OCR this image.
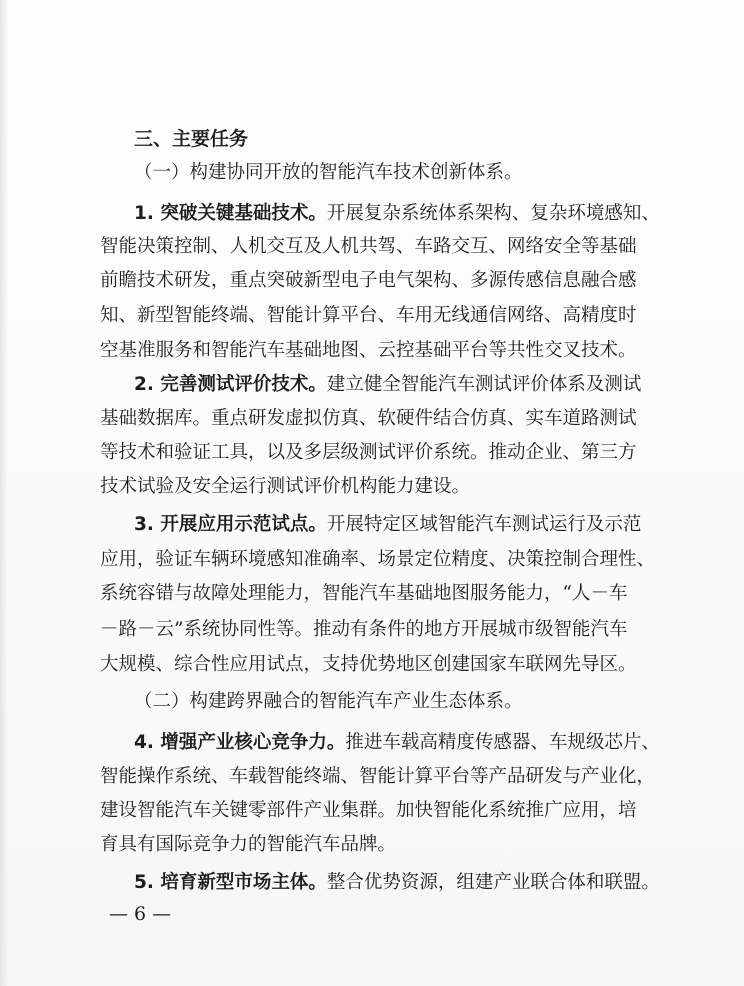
三、主要任务
（一）构建协同开放的智能汽车技术创新体系。
1. 突破关键基础技术。开展复杂系统体系架构、复杂环境感知、
智能决策控制、人机交互及人机共驾、车路交互、网络安全等基础
前瞻技术研发，重点突破新型电子电气架构、多源传感信息融合感
知、新型智能终端、智能计算平台、车用无线通信网络、高精度时
空基准服务和智能汽车基础地图、云控基础平台等共性交叉技术。
2. 完善测试评价技术。建立健全智能汽车测试评价体系及测试
基础数据库。重点研发虚拟仿真、软硬件结合仿真、实车道路测试
等技术和验证工具，以及多层级测试评价系统。推动企业、第三方
技术试验及安全运行测试评价机构能力建设。
3. 开展应用示范试点。开展特定区域智能汽车测试运行及示范
应用，验证车辆环境感知准确率、场景定位精度、决策控制合理性、
系统容错与故障处理能力，智能汽车基础地图服务能力，“人－车
－路－云”系统协同性等。推动有条件的地方开展城市级智能汽车
大规模、综合性应用试点，支持优势地区创建国家车联网先导区。
（二）构建跨界融合的智能汽车产业生态体系。
4. 增强产业核心竞争力。推进车载高精度传感器、车规级芯片、
智能操作系统、车载智能终端、智能计算平台等产品研发与产业化，
建设智能汽车关键零部件产业集群。加快智能化系统推广应用，培
育具有国际竞争力的智能汽车品牌。
5. 培育新型市场主体。整合优势资源，组建产业联合体和联盟。
— 6 —
